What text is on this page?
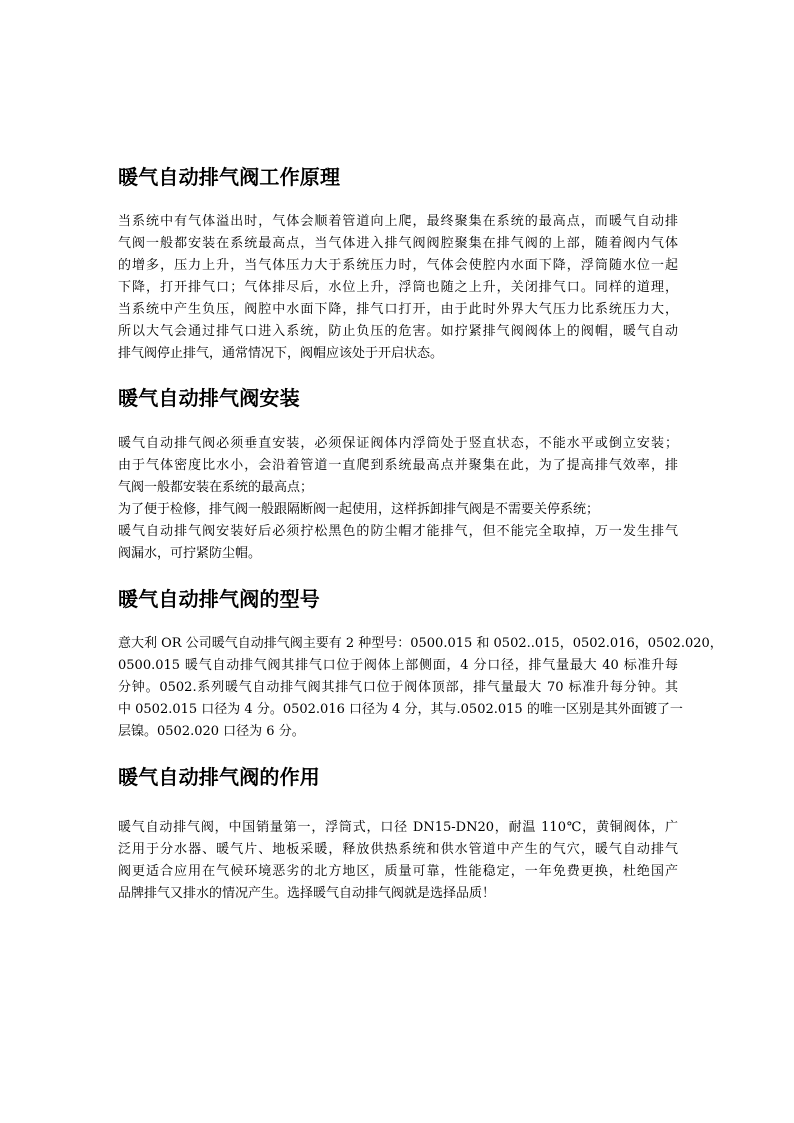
暖气自动排气阀工作原理
当系统中有气体溢出时，气体会顺着管道向上爬，最终聚集在系统的最高点，而暖气自动排
气阀一般都安装在系统最高点，当气体进入排气阀阀腔聚集在排气阀的上部，随着阀内气体
的增多，压力上升，当气体压力大于系统压力时，气体会使腔内水面下降，浮筒随水位一起
下降，打开排气口；气体排尽后，水位上升，浮筒也随之上升，关闭排气口。同样的道理，
当系统中产生负压，阀腔中水面下降，排气口打开，由于此时外界大气压力比系统压力大，
所以大气会通过排气口进入系统，防止负压的危害。如拧紧排气阀阀体上的阀帽，暖气自动
排气阀停止排气，通常情况下，阀帽应该处于开启状态。
暖气自动排气阀安装
暖气自动排气阀必须垂直安装，必须保证阀体内浮筒处于竖直状态，不能水平或倒立安装；
由于气体密度比水小，会沿着管道一直爬到系统最高点并聚集在此，为了提高排气效率，排
气阀一般都安装在系统的最高点；
为了便于检修，排气阀一般跟隔断阀一起使用，这样拆卸排气阀是不需要关停系统；
暖气自动排气阀安装好后必须拧松黑色的防尘帽才能排气，但不能完全取掉，万一发生排气
阀漏水，可拧紧防尘帽。
暖气自动排气阀的型号
意大利 OR 公司暖气自动排气阀主要有 2 种型号：0500.015 和 0502..015，0502.016，0502.020，
0500.015 暖气自动排气阀其排气口位于阀体上部侧面，4 分口径，排气量最大 40 标准升每
分钟。0502.系列暖气自动排气阀其排气口位于阀体顶部，排气量最大 70 标准升每分钟。其
中 0502.015 口径为 4 分。0502.016 口径为 4 分，其与.0502.015 的唯一区别是其外面镀了一
层镍。0502.020 口径为 6 分。
暖气自动排气阀的作用
暖气自动排气阀，中国销量第一，浮筒式，口径 DN15-DN20，耐温 110℃，黄铜阀体，广
泛用于分水器、暖气片、地板采暖，释放供热系统和供水管道中产生的气穴，暖气自动排气
阀更适合应用在气候环境恶劣的北方地区，质量可靠，性能稳定，一年免费更换，杜绝国产
品牌排气又排水的情况产生。选择暖气自动排气阀就是选择品质！
